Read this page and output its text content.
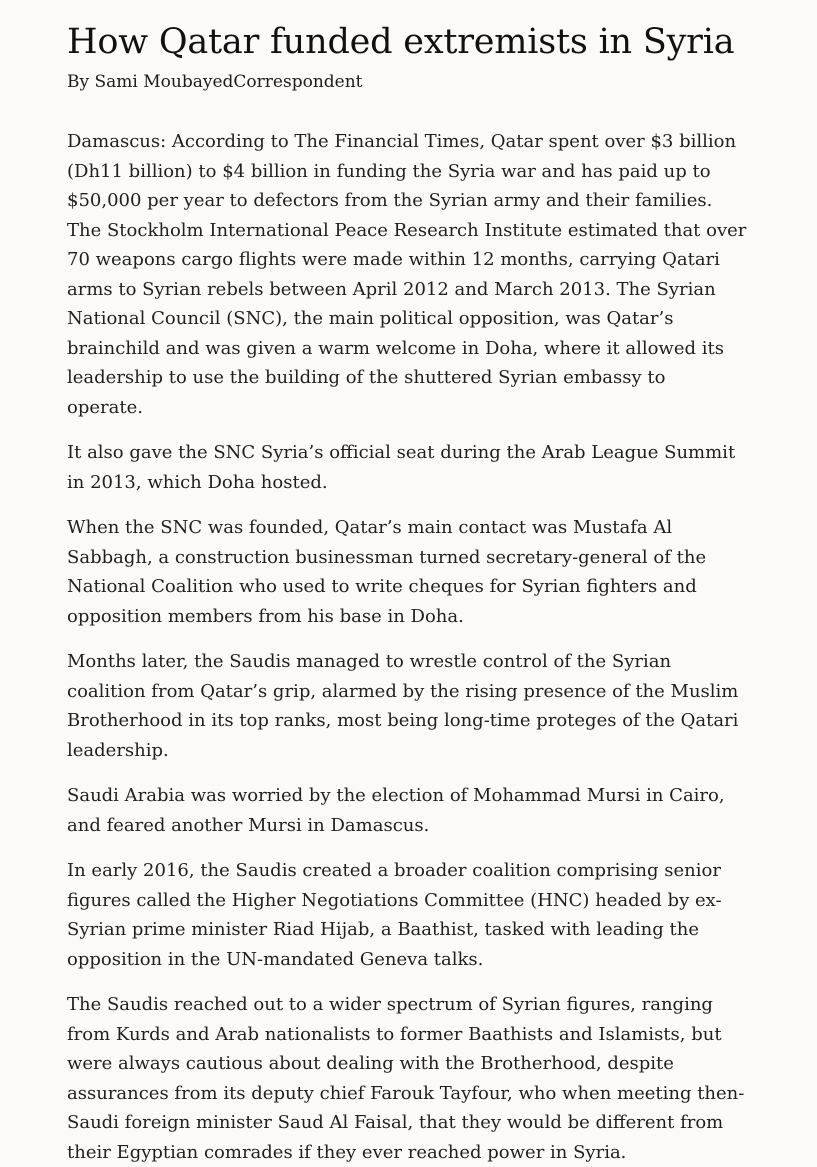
How Qatar funded extremists in Syria
By Sami MoubayedCorrespondent

Damascus: According to The Financial Times, Qatar spent over $3 billion (Dh11 billion) to $4 billion in funding the Syria war and has paid up to $50,000 per year to defectors from the Syrian army and their families. The Stockholm International Peace Research Institute estimated that over 70 weapons cargo flights were made within 12 months, carrying Qatari arms to Syrian rebels between April 2012 and March 2013. The Syrian National Council (SNC), the main political opposition, was Qatar’s brainchild and was given a warm welcome in Doha, where it allowed its leadership to use the building of the shuttered Syrian embassy to operate.

It also gave the SNC Syria’s official seat during the Arab League Summit in 2013, which Doha hosted.

When the SNC was founded, Qatar’s main contact was Mustafa Al Sabbagh, a construction businessman turned secretary-general of the National Coalition who used to write cheques for Syrian fighters and opposition members from his base in Doha.

Months later, the Saudis managed to wrestle control of the Syrian coalition from Qatar’s grip, alarmed by the rising presence of the Muslim Brotherhood in its top ranks, most being long-time proteges of the Qatari leadership.

Saudi Arabia was worried by the election of Mohammad Mursi in Cairo, and feared another Mursi in Damascus.

In early 2016, the Saudis created a broader coalition comprising senior figures called the Higher Negotiations Committee (HNC) headed by ex-Syrian prime minister Riad Hijab, a Baathist, tasked with leading the opposition in the UN-mandated Geneva talks.

The Saudis reached out to a wider spectrum of Syrian figures, ranging from Kurds and Arab nationalists to former Baathists and Islamists, but were always cautious about dealing with the Brotherhood, despite assurances from its deputy chief Farouk Tayfour, who when meeting then-Saudi foreign minister Saud Al Faisal, that they would be different from their Egyptian comrades if they ever reached power in Syria.
